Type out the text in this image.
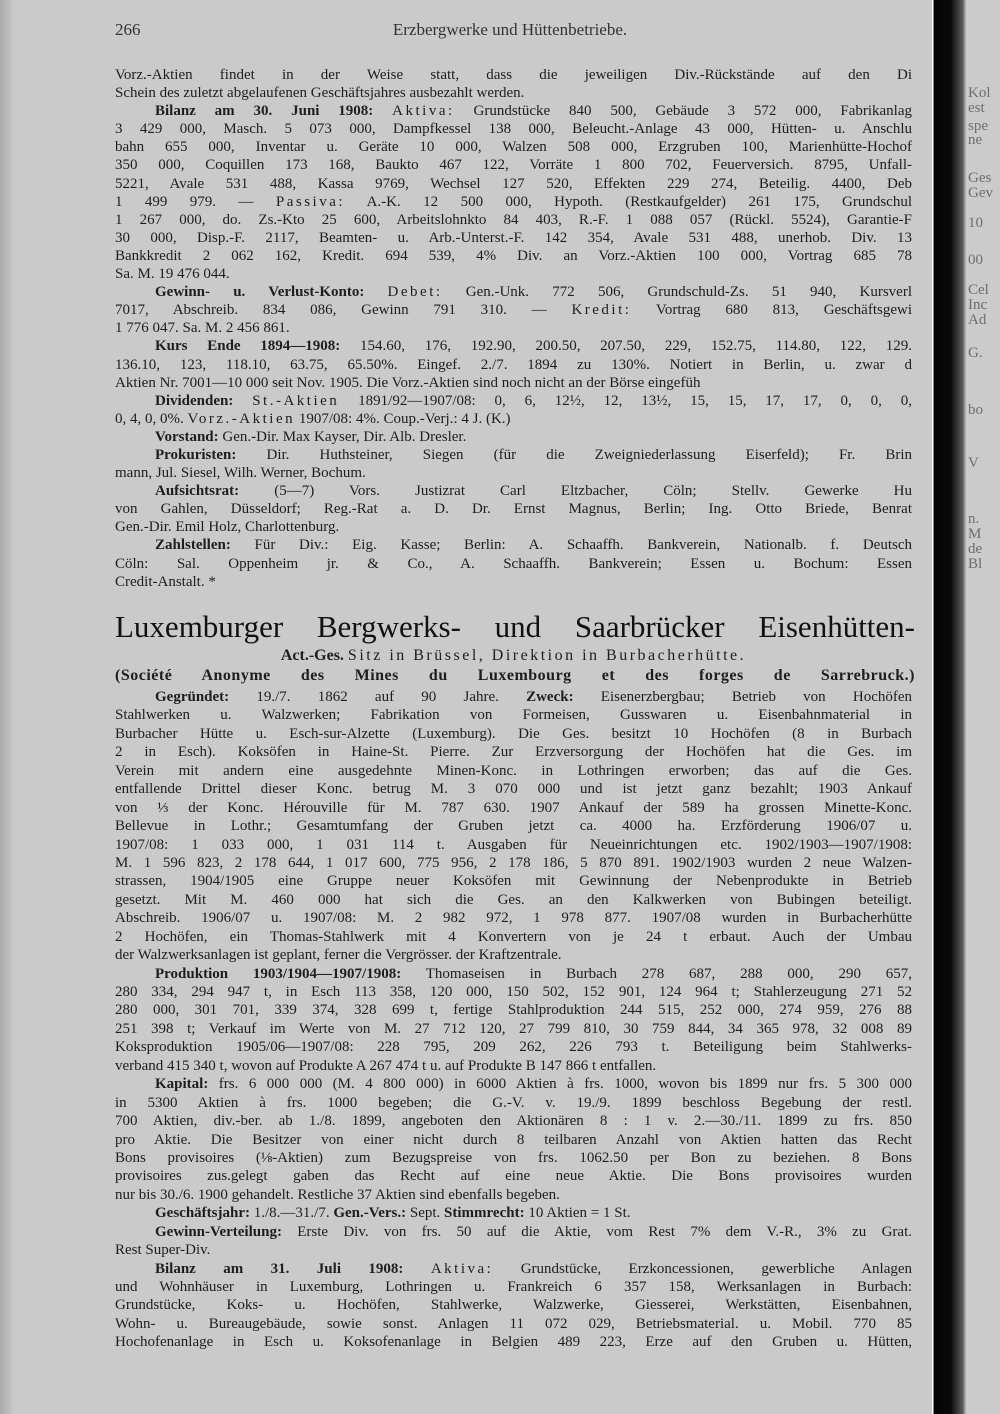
266	Erzbergwerke und Hüttenbetriebe.
Vorz.-Aktien findet in der Weise statt, dass die jeweiligen Div.-Rückstände auf den Di
Schein des zuletzt abgelaufenen Geschäftsjahres ausbezahlt werden.
Bilanz am 30. Juni 1908: Aktiva: Grundstücke 840 500, Gebäude 3 572 000, Fabrikanlag
3 429 000, Masch. 5 073 000, Dampfkessel 138 000, Beleucht.-Anlage 43 000, Hütten- u. Anschlu
bahn 655 000, Inventar u. Geräte 10 000, Walzen 508 000, Erzgruben 100, Marienhütte-Hochof
350 000, Coquillen 173 168, Baukto 467 122, Vorräte 1 800 702, Feuerversich. 8795, Unfall-
5221, Avale 531 488, Kassa 9769, Wechsel 127 520, Effekten 229 274, Beteilig. 4400, Deb
1 499 979. — Passiva: A.-K. 12 500 000, Hypoth. (Restkaufgelder) 261 175, Grundschul
1 267 000, do. Zs.-Kto 25 600, Arbeitslohnkto 84 403, R.-F. 1 088 057 (Rückl. 5524), Garantie-F
30 000, Disp.-F. 2117, Beamten- u. Arb.-Unterst.-F. 142 354, Avale 531 488, unerhob. Div. 13
Bankkredit 2 062 162, Kredit. 694 539, 4% Div. an Vorz.-Aktien 100 000, Vortrag 685 78
Sa. M. 19 476 044.
Gewinn- u. Verlust-Konto: Debet: Gen.-Unk. 772 506, Grundschuld-Zs. 51 940, Kursverl
7017, Abschreib. 834 086, Gewinn 791 310. — Kredit: Vortrag 680 813, Geschäftsgewi
1 776 047. Sa. M. 2 456 861.
Kurs Ende 1894—1908: 154.60, 176, 192.90, 200.50, 207.50, 229, 152.75, 114.80, 122, 129.
136.10, 123, 118.10, 63.75, 65.50%. Eingef. 2./7. 1894 zu 130%. Notiert in Berlin, u. zwar d
Aktien Nr. 7001—10 000 seit Nov. 1905. Die Vorz.-Aktien sind noch nicht an der Börse eingefüh
Dividenden: St.-Aktien 1891/92—1907/08: 0, 6, 12½, 12, 13½, 15, 15, 17, 17, 0, 0, 0,
0, 4, 0, 0%. Vorz.-Aktien 1907/08: 4%. Coup.-Verj.: 4 J. (K.)
Vorstand: Gen.-Dir. Max Kayser, Dir. Alb. Dresler.
Prokuristen: Dir. Huthsteiner, Siegen (für die Zweigniederlassung Eiserfeld); Fr. Brin
mann, Jul. Siesel, Wilh. Werner, Bochum.
Aufsichtsrat: (5—7) Vors. Justizrat Carl Eltzbacher, Cöln; Stellv. Gewerke Hu
von Gahlen, Düsseldorf; Reg.-Rat a. D. Dr. Ernst Magnus, Berlin; Ing. Otto Briede, Benrat
Gen.-Dir. Emil Holz, Charlottenburg.
Zahlstellen: Für Div.: Eig. Kasse; Berlin: A. Schaaffh. Bankverein, Nationalb. f. Deutsch
Cöln: Sal. Oppenheim jr. & Co., A. Schaaffh. Bankverein; Essen u. Bochum: Essen
Credit-Anstalt. *
Luxemburger Bergwerks- und Saarbrücker Eisenhütten-
Act.-Ges. Sitz in Brüssel, Direktion in Burbacherhütte.
(Société Anonyme des Mines du Luxembourg et des forges de Sarrebruck.)
Gegründet: 19./7. 1862 auf 90 Jahre. Zweck: Eisenerzbergbau; Betrieb von Hochöfen
Stahlwerken u. Walzwerken; Fabrikation von Formeisen, Gusswaren u. Eisenbahnmaterial in
Burbacher Hütte u. Esch-sur-Alzette (Luxemburg). Die Ges. besitzt 10 Hochöfen (8 in Burbach
2 in Esch). Koksöfen in Haine-St. Pierre. Zur Erzversorgung der Hochöfen hat die Ges. im
Verein mit andern eine ausgedehnte Minen-Konc. in Lothringen erworben; das auf die Ges.
entfallende Drittel dieser Konc. betrug M. 3 070 000 und ist jetzt ganz bezahlt; 1903 Ankauf
von ⅓ der Konc. Hérouville für M. 787 630. 1907 Ankauf der 589 ha grossen Minette-Konc.
Bellevue in Lothr.; Gesamtumfang der Gruben jetzt ca. 4000 ha. Erzförderung 1906/07 u.
1907/08: 1 033 000, 1 031 114 t. Ausgaben für Neueinrichtungen etc. 1902/1903—1907/1908:
M. 1 596 823, 2 178 644, 1 017 600, 775 956, 2 178 186, 5 870 891. 1902/1903 wurden 2 neue Walzen-
strassen, 1904/1905 eine Gruppe neuer Koksöfen mit Gewinnung der Nebenprodukte in Betrieb
gesetzt. Mit M. 460 000 hat sich die Ges. an den Kalkwerken von Bubingen beteiligt.
Abschreib. 1906/07 u. 1907/08: M. 2 982 972, 1 978 877. 1907/08 wurden in Burbacherhütte
2 Hochöfen, ein Thomas-Stahlwerk mit 4 Konvertern von je 24 t erbaut. Auch der Umbau
der Walzwerksanlagen ist geplant, ferner die Vergrösser. der Kraftzentrale.
Produktion 1903/1904—1907/1908: Thomaseisen in Burbach 278 687, 288 000, 290 657,
280 334, 294 947 t, in Esch 113 358, 120 000, 150 502, 152 901, 124 964 t; Stahlerzeugung 271 52
280 000, 301 701, 339 374, 328 699 t, fertige Stahlproduktion 244 515, 252 000, 274 959, 276 88
251 398 t; Verkauf im Werte von M. 27 712 120, 27 799 810, 30 759 844, 34 365 978, 32 008 89
Koksproduktion 1905/06—1907/08: 228 795, 209 262, 226 793 t. Beteiligung beim Stahlwerks-
verband 415 340 t, wovon auf Produkte A 267 474 t u. auf Produkte B 147 866 t entfallen.
Kapital: frs. 6 000 000 (M. 4 800 000) in 6000 Aktien à frs. 1000, wovon bis 1899 nur frs. 5 300 000
in 5300 Aktien à frs. 1000 begeben; die G.-V. v. 19./9. 1899 beschloss Begebung der restl.
700 Aktien, div.-ber. ab 1./8. 1899, angeboten den Aktionären 8 : 1 v. 2.—30./11. 1899 zu frs. 850
pro Aktie. Die Besitzer von einer nicht durch 8 teilbaren Anzahl von Aktien hatten das Recht
Bons provisoires (⅛-Aktien) zum Bezugspreise von frs. 1062.50 per Bon zu beziehen. 8 Bons
provisoires zus.gelegt gaben das Recht auf eine neue Aktie. Die Bons provisoires wurden
nur bis 30./6. 1900 gehandelt. Restliche 37 Aktien sind ebenfalls begeben.
Geschäftsjahr: 1./8.—31./7. Gen.-Vers.: Sept. Stimmrecht: 10 Aktien = 1 St.
Gewinn-Verteilung: Erste Div. von frs. 50 auf die Aktie, vom Rest 7% dem V.-R., 3% zu Grat.
Rest Super-Div.
Bilanz am 31. Juli 1908: Aktiva: Grundstücke, Erzkoncessionen, gewerbliche Anlagen
und Wohnhäuser in Luxemburg, Lothringen u. Frankreich 6 357 158, Werksanlagen in Burbach:
Grundstücke, Koks- u. Hochöfen, Stahlwerke, Walzwerke, Giesserei, Werkstätten, Eisenbahnen,
Wohn- u. Bureaugebäude, sowie sonst. Anlagen 11 072 029, Betriebsmaterial. u. Mobil. 770 85
Hochofenanlage in Esch u. Koksofenanlage in Belgien 489 223, Erze auf den Gruben u. Hütten,
Kol
est
spe
ne
Ges
Gev
10
00
Cel
Inc
Ad
G.
bo
V
n.
M
de
Bl
